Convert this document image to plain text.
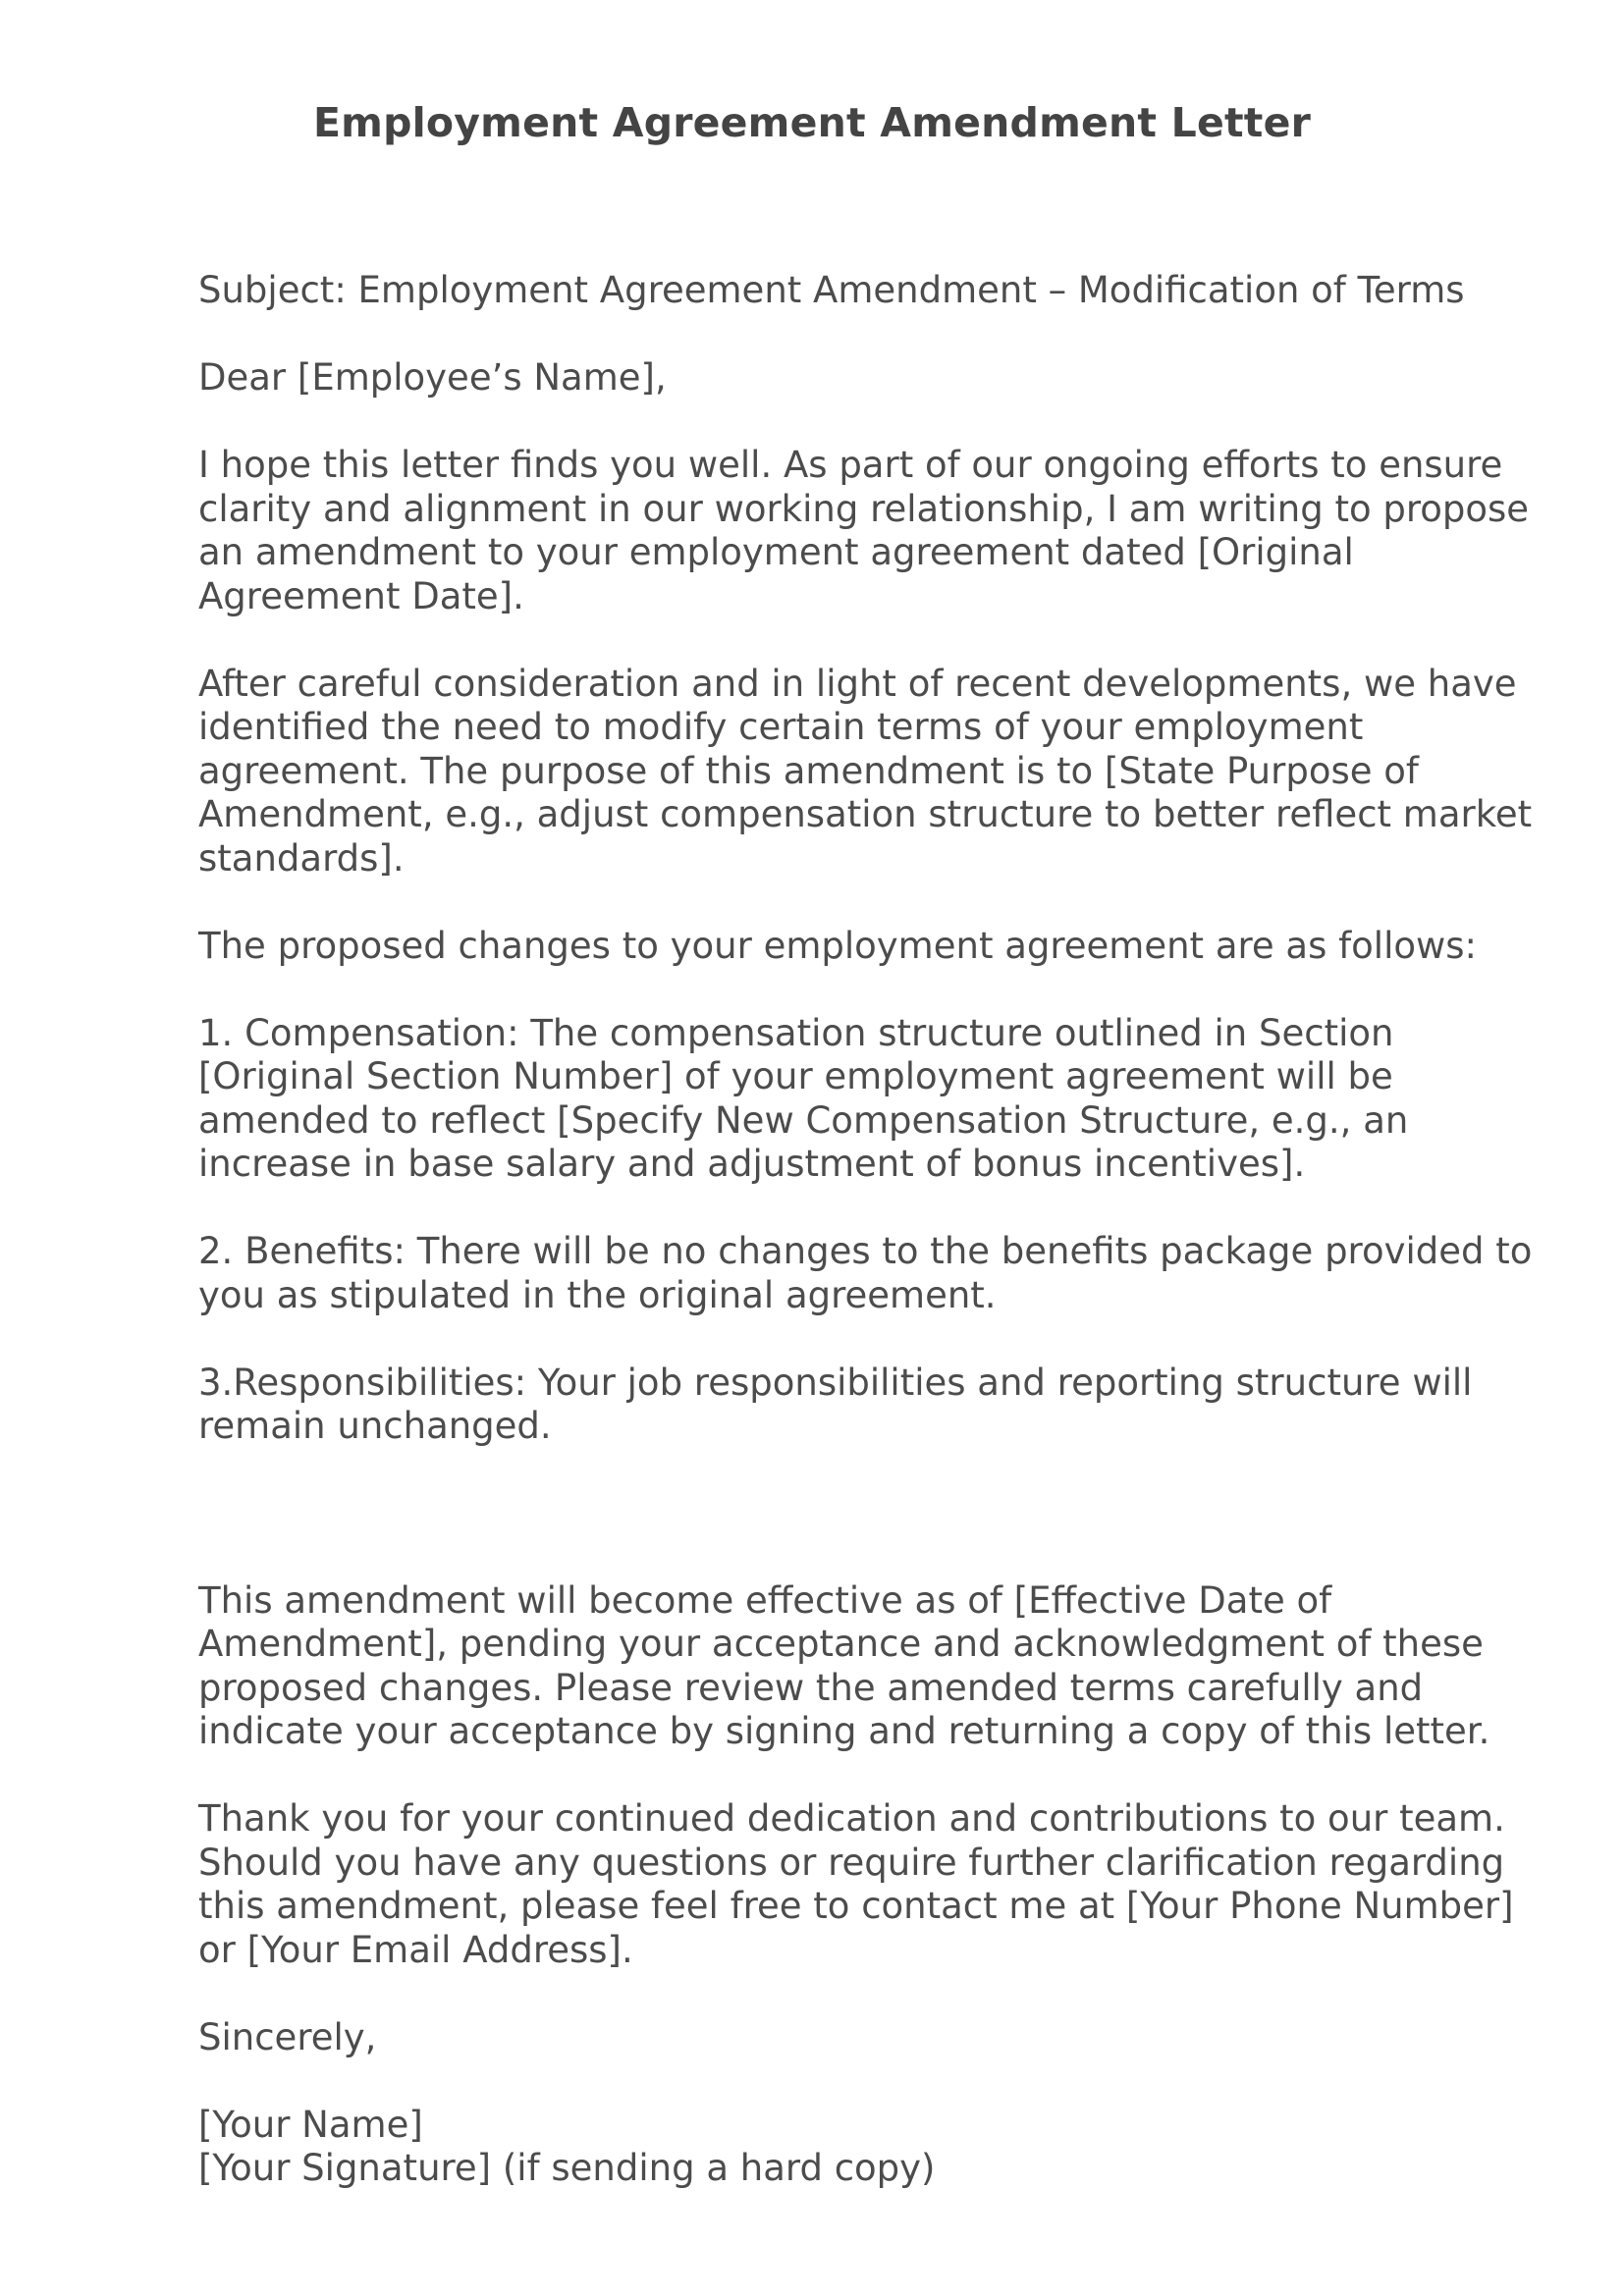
Employment Agreement Amendment Letter

Subject: Employment Agreement Amendment – Modification of Terms

Dear [Employee’s Name],

I hope this letter finds you well. As part of our ongoing efforts to ensure clarity and alignment in our working relationship, I am writing to propose an amendment to your employment agreement dated [Original Agreement Date].

After careful consideration and in light of recent developments, we have identified the need to modify certain terms of your employment agreement. The purpose of this amendment is to [State Purpose of Amendment, e.g., adjust compensation structure to better reflect market standards].

The proposed changes to your employment agreement are as follows:

1. Compensation: The compensation structure outlined in Section [Original Section Number] of your employment agreement will be amended to reflect [Specify New Compensation Structure, e.g., an increase in base salary and adjustment of bonus incentives].

2. Benefits: There will be no changes to the benefits package provided to you as stipulated in the original agreement.

3.Responsibilities: Your job responsibilities and reporting structure will remain unchanged.

This amendment will become effective as of [Effective Date of Amendment], pending your acceptance and acknowledgment of these proposed changes. Please review the amended terms carefully and indicate your acceptance by signing and returning a copy of this letter.

Thank you for your continued dedication and contributions to our team. Should you have any questions or require further clarification regarding this amendment, please feel free to contact me at [Your Phone Number] or [Your Email Address].

Sincerely,

[Your Name]
[Your Signature] (if sending a hard copy)
